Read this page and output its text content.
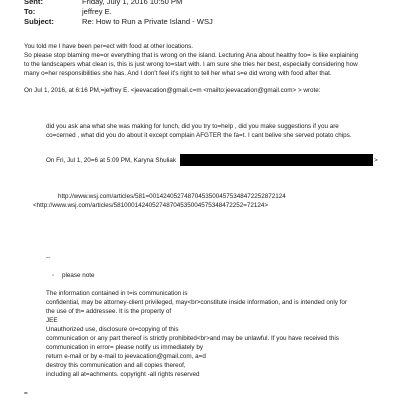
Sent:	Friday, July 1, 2016 10:50 PM
To:	jeffrey E.
Subject:	Re: How to Run a Private Island - WSJ
You told me I have been per=ect with food at other locations.
So please stop blaming me=or everything that is wrong on the island. Lecturing Ana about healthy foo= is like explaining
to the landscapers what clean is, this is just wrong to=start with. I am sure she tries her best, especially considering how
many o=her responsibilities she has. And I don't feel it's right to tell her what s=e did wrong with food after that.
On Jul 1, 2016, at 6:16 PM,=jeffrey E. <jeevacation@gmail.c=m <mailto:jeevacation@gmail.com> > wrote:
did you ask ana what she was making for lunch, did you try to=help , did you make suggestions if you are
co=cerned , what did you do about it except complain AFGTER the fa=t. I cant belive she served potato chips.
On Fri, Jul 1, 20=6 at 5:09 PM, Karyna Shuliak	>
http://www.wsj.com/articles/581=001424052748704535004575348472252872124
<http://www.wsj.com/articles/5810001424052748704535004575348472252=72124>
--
◦ please note
The information contained in t=is communication is
confidential, may be attorney-client privileged, may<br>constitute inside information, and is intended only for
the use of th= addressee. It is the property of
JEE
Unauthorized use, disclosure or=copying of this
communication or any part thereof is strictly prohibited<br>and may be unlawful. If you have received this
communication in error= please notify us immediately by
return e-mail or by e-mail to jeevacation@gmail.com, a=d
destroy this communication and all copies thereof,
including all at=achments. copyright -all rights reserved
=
